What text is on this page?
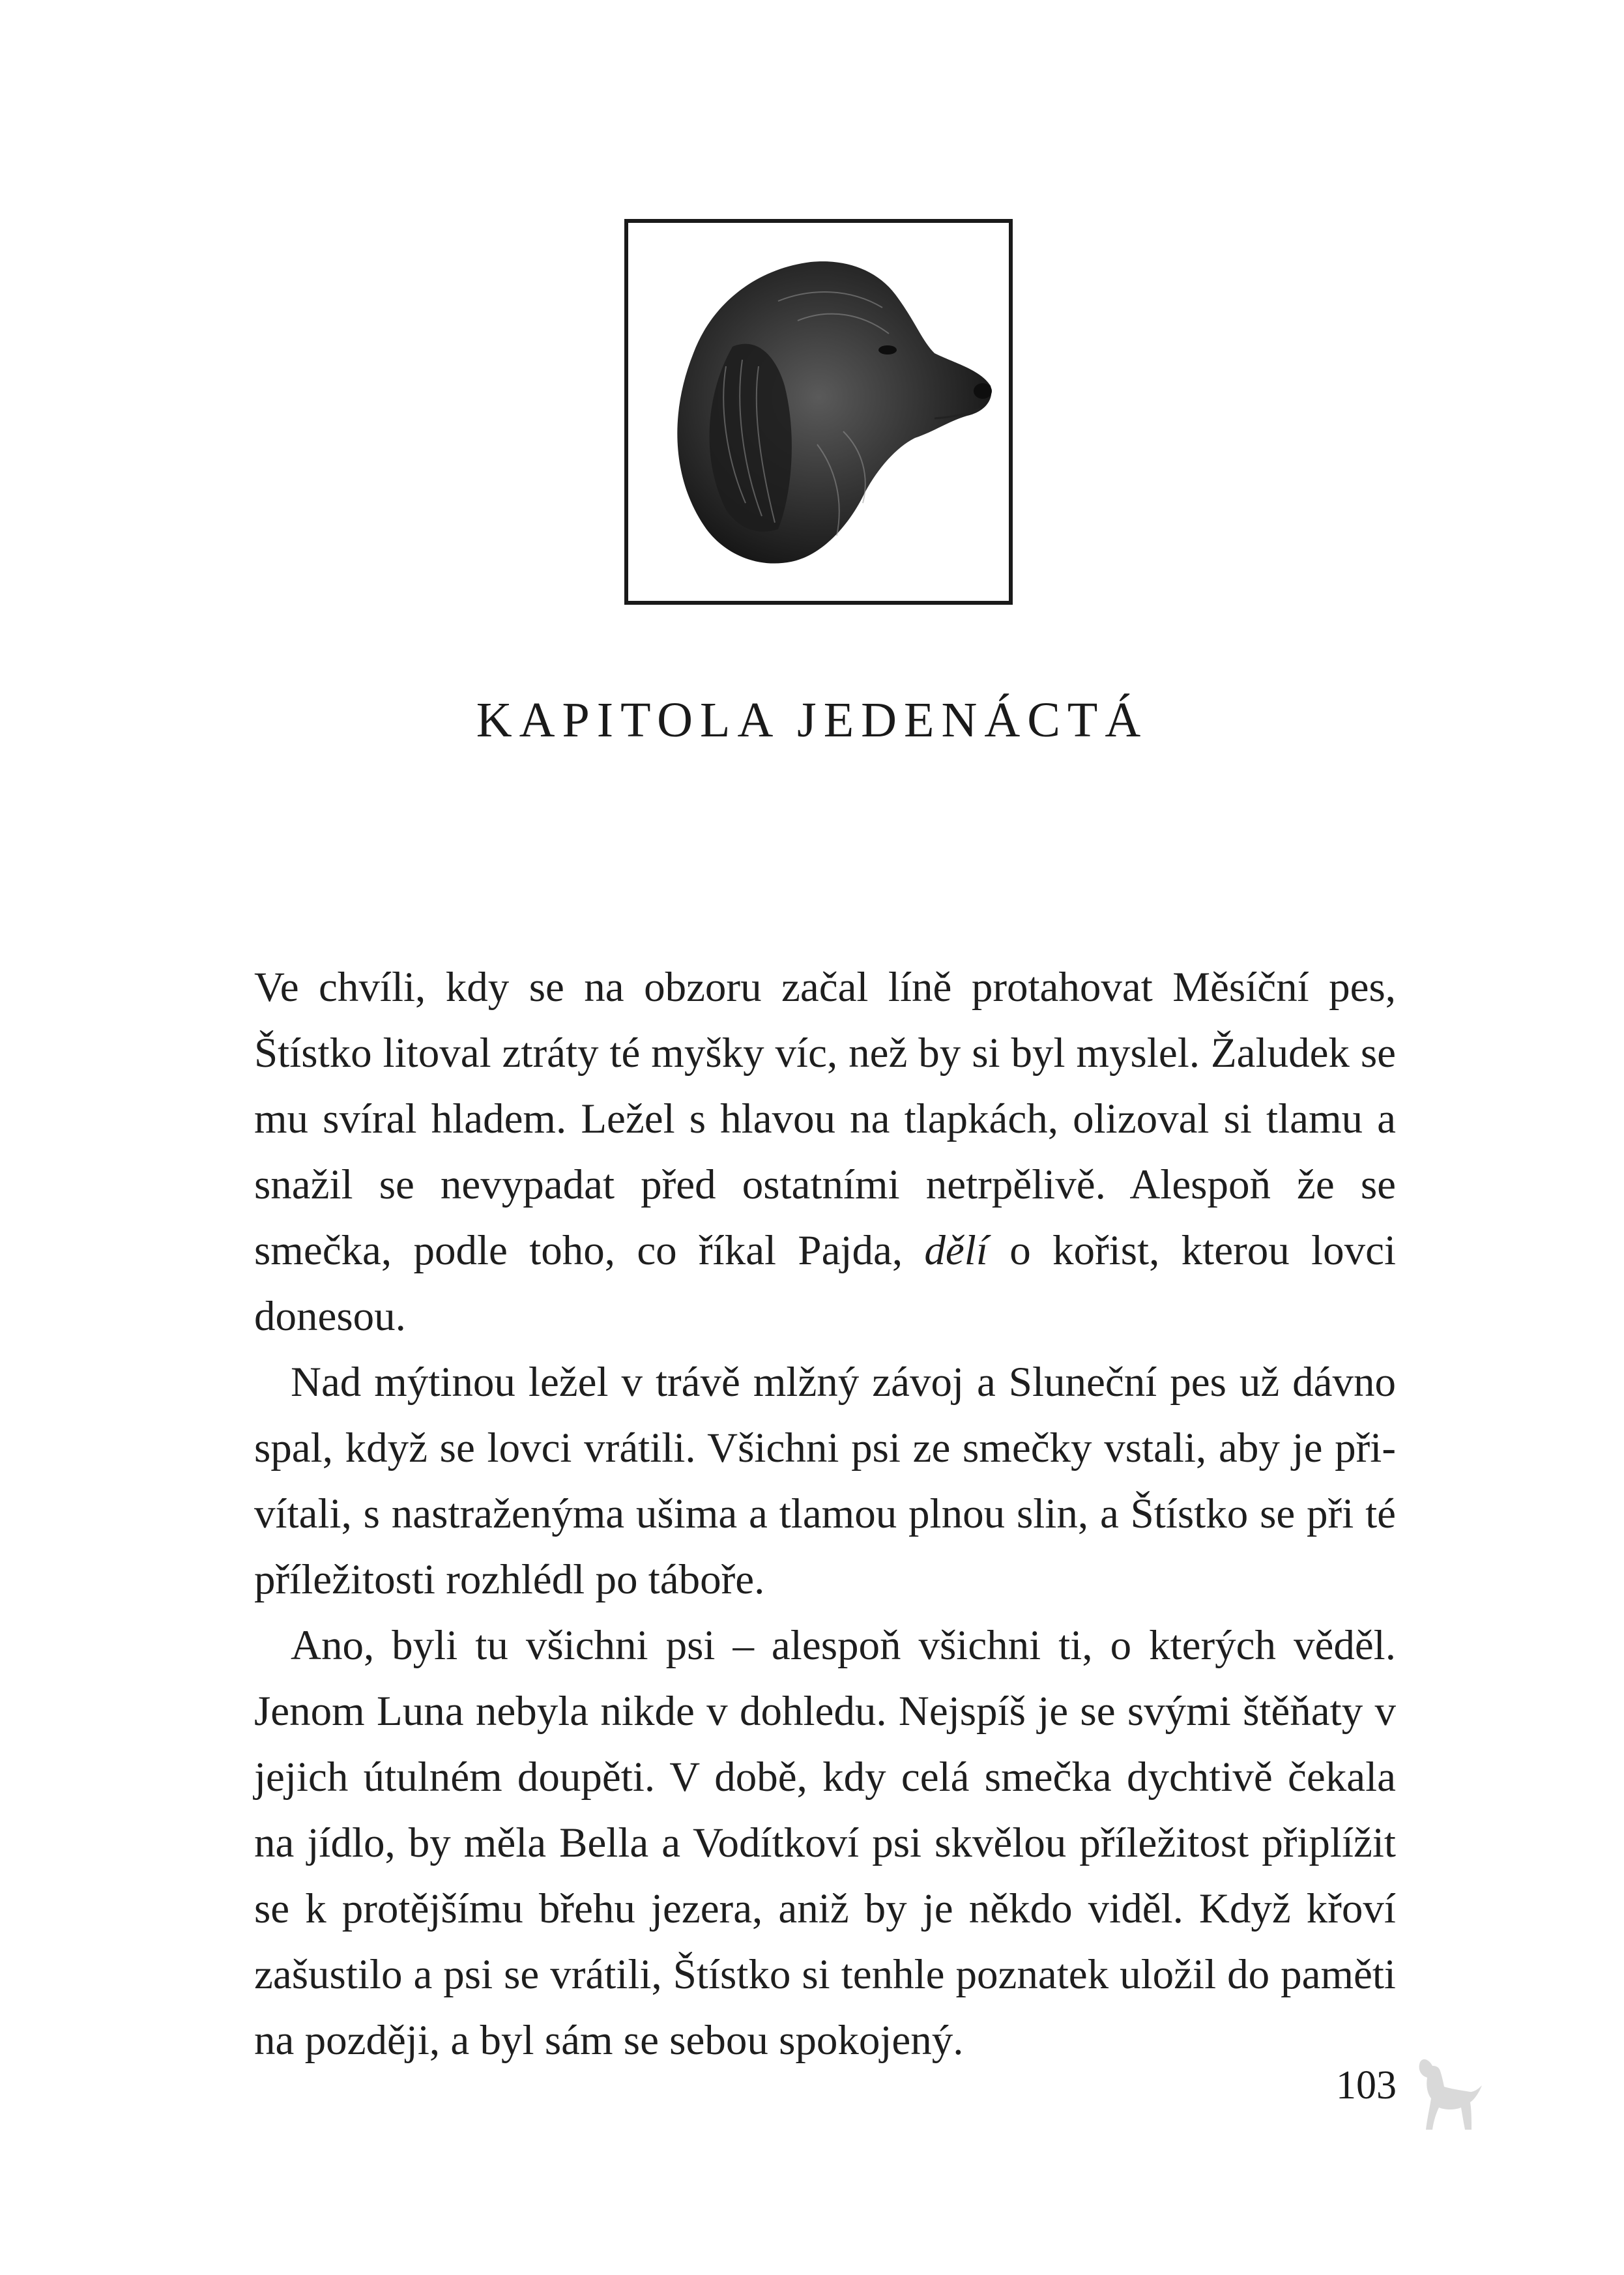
KAPITOLA JEDENÁCTÁ

Ve chvíli, kdy se na obzoru začal líně protahovat Měsíční pes, Štístko litoval ztráty té myšky víc, než by si byl myslel. Žaludek se mu svíral hladem. Ležel s hlavou na tlapkách, olizoval si tlamu a snažil se nevypadat před ostatními netrpělivě. Alespoň že se smečka, podle toho, co říkal Pajda, dělí o kořist, kterou lovci donesou.

Nad mýtinou ležel v trávě mlžný závoj a Sluneční pes už dávno spal, když se lovci vrátili. Všichni psi ze smečky vstali, aby je přivítali, s nastraženýma ušima a tlamou plnou slin, a Štístko se při té příležitosti rozhlédl po táboře.

Ano, byli tu všichni psi – alespoň všichni ti, o kterých věděl. Jenom Luna nebyla nikde v dohledu. Nejspíš je se svými štěňaty v jejich útulném doupěti. V době, kdy celá smečka dychtivě čekala na jídlo, by měla Bella a Vodítkoví psi skvělou příležitost připlížit se k protějšímu břehu jezera, aniž by je někdo viděl. Když křoví zašustilo a psi se vrátili, Štístko si tenhle poznatek uložil do paměti na později, a byl sám se sebou spokojený.

103
